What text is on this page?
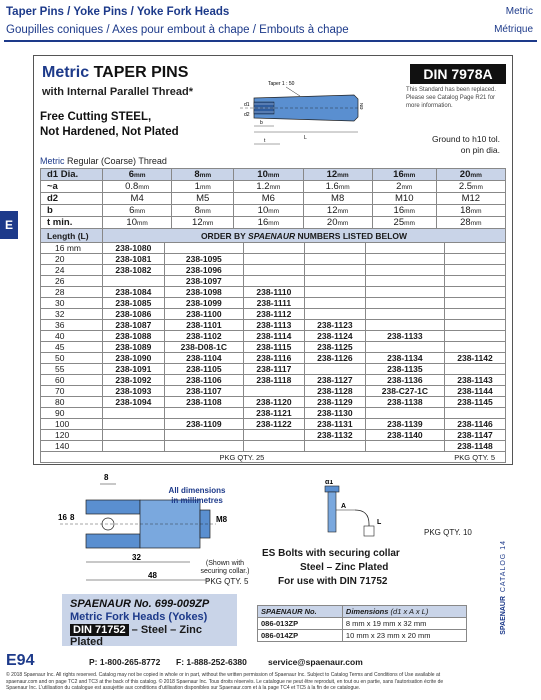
Taper Pins / Yoke Pins / Yoke Fork Heads
Goupilles coniques / Axes pour embout à chape / Embouts à chape
Metric
Métrique
E
Metric TAPER PINS
with Internal Parallel Thread*
Free Cutting STEEL,
Not Hardened, Not Plated
DIN 7978A
This Standard has been replaced. Please see Catalog Page R21 for more information.
Taper 1 : 50
d1
d2
ND
L
b
t	Ground to h10 tol.
on pin dia.
Metric Regular (Coarse) Thread
d1 Dia.	6mm	8mm	10mm	12mm	16mm	20mm
~a	0.8mm	1mm	1.2mm	1.6mm	2mm	2.5mm
d2	M4	M5	M6	M8	M10	M12
b	6mm	8mm	10mm	12mm	16mm	18mm
t min.	10mm	12mm	16mm	20mm	25mm	28mm
Length (L)	ORDER BY SPAENAUR NUMBERS LISTED BELOW					
16 mm	238-1080					
20	238-1081	238-1095				
24	238-1082	238-1096				
26		238-1097				
28	238-1084	238-1098	238-1110			
30	238-1085	238-1099	238-1111			
32	238-1086	238-1100	238-1112			
36	238-1087	238-1101	238-1113	238-1123		
40	238-1088	238-1102	238-1114	238-1124	238-1133	
45	238-1089	238-D08-1C	238-1115	238-1125		
50	238-1090	238-1104	238-1116	238-1126	238-1134	238-1142
55	238-1091	238-1105	238-1117		238-1135	
60	238-1092	238-1106	238-1118	238-1127	238-1136	238-1143
70	238-1093	238-1107		238-1128	238-C27-1C	238-1144
80	238-1094	238-1108	238-1120	238-1129	238-1138	238-1145
90			238-1121	238-1130		
100		238-1109	238-1122	238-1131	238-1139	238-1146
120				238-1132	238-1140	238-1147
140						238-1148
PKG QTY. 25				PKG QTY. 5		
8
16 8	M8
32
48
All dimensions
in millimetres
(Shown with
securing collar.)
PKG QTY. 5
d1
A
L
PKG QTY. 10
ES Bolts with securing collar
Steel – Zinc Plated
For use with DIN 71752
SPAENAUR No. 699-009ZP
Metric Fork Heads (Yokes)
DIN 71752 – Steel – Zinc Plated
SPAENAUR No.	Dimensions (d1 x A x L)
086-013ZP	8 mm x 19 mm x 32 mm
086-014ZP	10 mm x 23 mm x 20 mm
CATALOG 14
SPAENAUR
E94	P: 1-800-265-8772 F: 1-888-252-6380 service@spaenaur.com
© 2018 Spaenaur Inc. All rights reserved. Catalog may not be copied in whole or in part, without the written permission of Spaenaur Inc. Subject to Catalog Terms and Conditions of Use available at spaenaur.com and on page TC2 and TC3 at the back of this catalog. © 2018 Spaenaur Inc. Tous droits réservés. Le catalogue ne peut être reproduit, en tout ou en partie, sans l'autorisation écrite de Spaenaur Inc. L'utilisation du catalogue est assujettie aux conditions d'utilisation disponibles sur Spaenaur.com et à la page TC4 et TC5 à la fin de ce catalogue.
